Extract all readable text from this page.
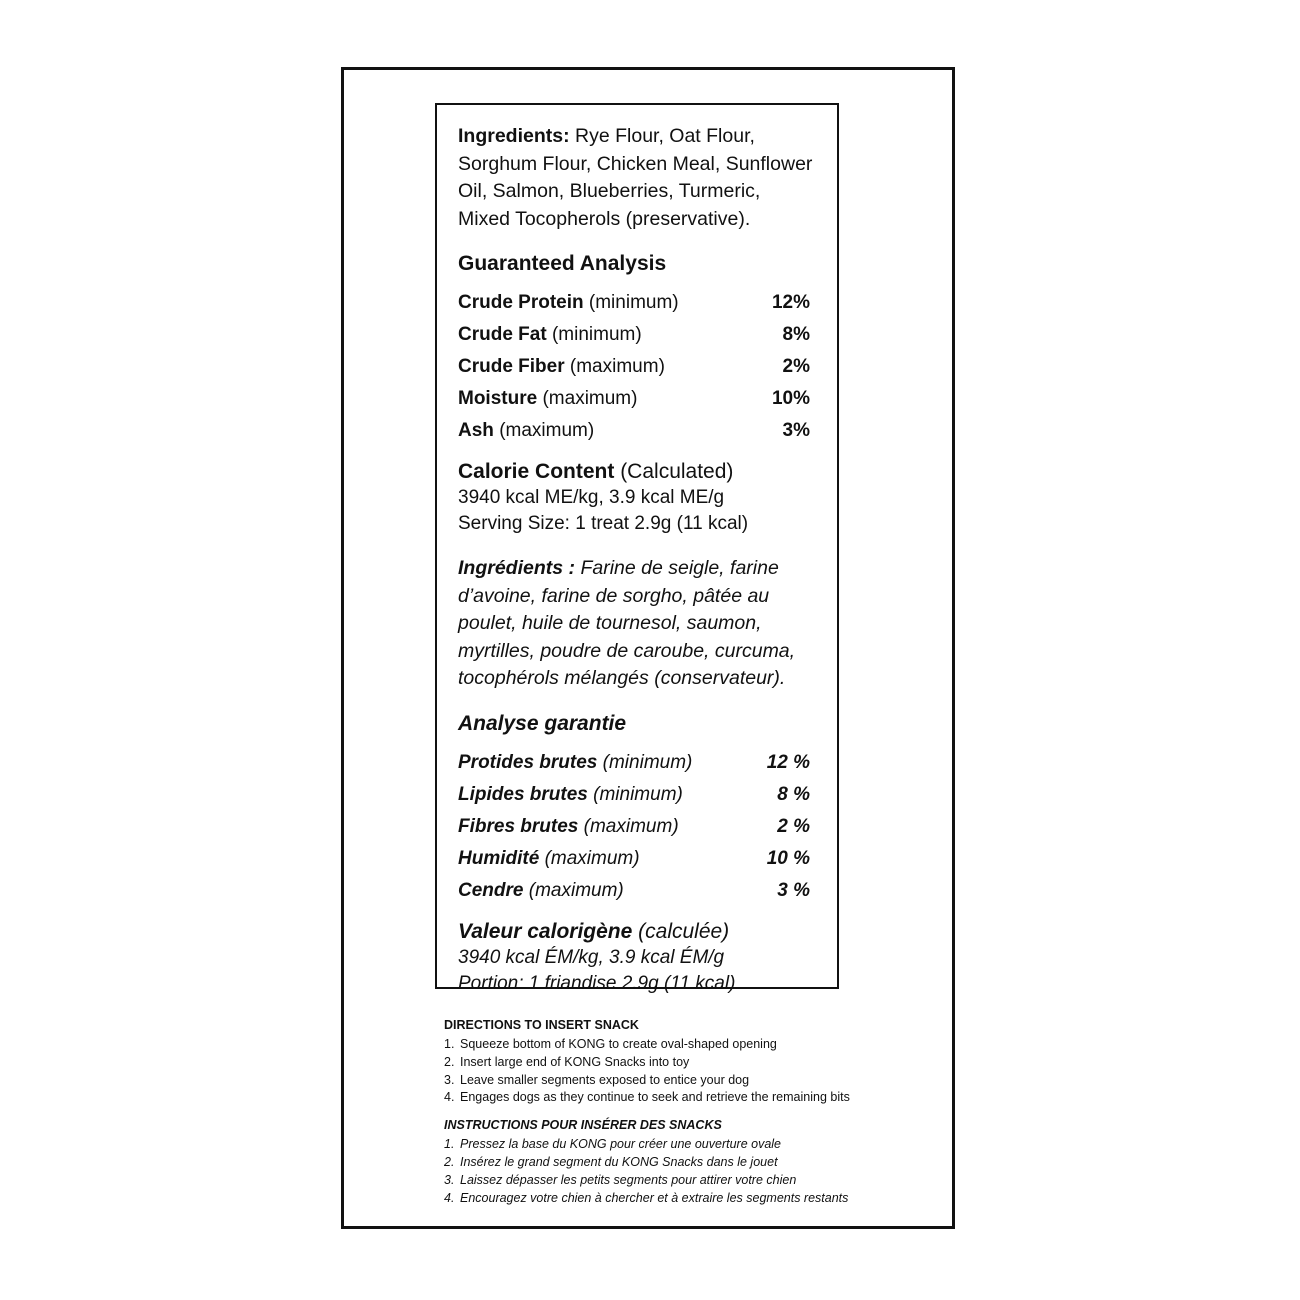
Ingredients: Rye Flour, Oat Flour, Sorghum Flour, Chicken Meal, Sunflower Oil, Salmon, Blueberries, Turmeric, Mixed Tocopherols (preservative).

Guaranteed Analysis
Crude Protein (minimum)	12%
Crude Fat (minimum)	8%
Crude Fiber (maximum)	2%
Moisture (maximum)	10%
Ash (maximum)	3%
Calorie Content (Calculated)
3940 kcal ME/kg, 3.9 kcal ME/g
Serving Size: 1 treat 2.9g (11 kcal)

Ingrédients : Farine de seigle, farine d’avoine, farine de sorgho, pâtée au poulet, huile de tournesol, saumon, myrtilles, poudre de caroube, curcuma, tocophérols mélangés (conservateur).

Analyse garantie
Protides brutes (minimum)	12 %
Lipides brutes (minimum)	8 %
Fibres brutes (maximum)	2 %
Humidité (maximum)	10 %
Cendre (maximum)	3 %
Valeur calorigène (calculée)
3940 kcal ÉM/kg, 3.9 kcal ÉM/g
Portion: 1 friandise 2.9g (11 kcal)
DIRECTIONS TO INSERT SNACK
1. Squeeze bottom of KONG to create oval-shaped opening
2. Insert large end of KONG Snacks into toy
3. Leave smaller segments exposed to entice your dog
4. Engages dogs as they continue to seek and retrieve the remaining bits
INSTRUCTIONS POUR INSÉRER DES SNACKS
1. Pressez la base du KONG pour créer une ouverture ovale
2. Insérez le grand segment du KONG Snacks dans le jouet
3. Laissez dépasser les petits segments pour attirer votre chien
4. Encouragez votre chien à chercher et à extraire les segments restants
